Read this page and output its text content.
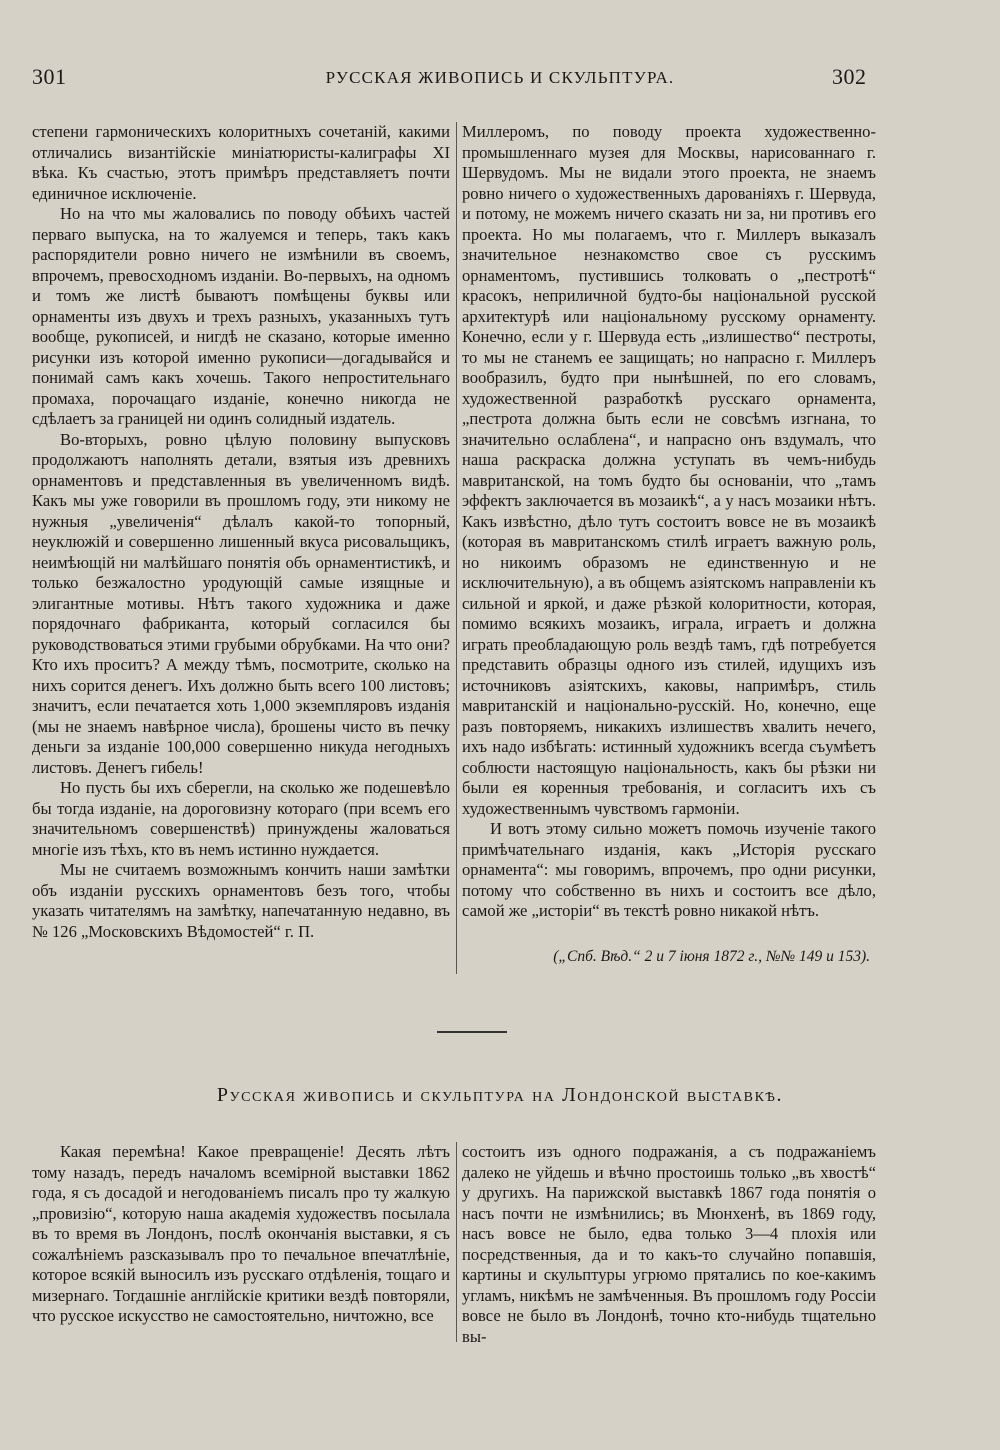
301	РУССКАЯ ЖИВОПИСЬ И СКУЛЬПТУРА.	302

степени гармоническихъ колоритныхъ сочетаній, какими отличались византійскіе миніатюристы-калиграфы XI вѣка. Къ счастью, этотъ примѣръ представляетъ почти единичное исключеніе.

Но на что мы жаловались по поводу обѣихъ частей перваго выпуска, на то жалуемся и теперь, такъ какъ распорядители ровно ничего не измѣнили въ своемъ, впрочемъ, превосходномъ изданіи. Во-первыхъ, на одномъ и томъ же листѣ бываютъ помѣщены буквы или орнаменты изъ двухъ и трехъ разныхъ, указанныхъ тутъ вообще, рукописей, и нигдѣ не сказано, которые именно рисунки изъ которой именно рукописи—догадывайся и понимай самъ какъ хочешь. Такого непростительнаго промаха, порочащаго изданіе, конечно никогда не сдѣлаетъ за границей ни одинъ солидный издатель.

Во-вторыхъ, ровно цѣлую половину выпусковъ продолжаютъ наполнять детали, взятыя изъ древнихъ орнаментовъ и представленныя въ увеличенномъ видѣ. Какъ мы уже говорили въ прошломъ году, эти никому не нужныя „увеличенія“ дѣлалъ какой-то топорный, неуклюжій и совершенно лишенный вкуса рисовальщикъ, неимѣющій ни малѣйшаго понятія объ орнаментистикѣ, и только безжалостно уродующій самые изящные и элигантные мотивы. Нѣтъ такого художника и даже порядочнаго фабриканта, который согласился бы руководствоваться этими грубыми обрубками. На что они? Кто ихъ проситъ? А между тѣмъ, посмотрите, сколько на нихъ сорится денегъ. Ихъ должно быть всего 100 листовъ; значитъ, если печатается хоть 1,000 экземпляровъ изданія (мы не знаемъ навѣрное числа), брошены чисто въ печку деньги за изданіе 100,000 совершенно никуда негодныхъ листовъ. Денегъ гибель!

Но пусть бы ихъ сберегли, на сколько же подешевѣло бы тогда изданіе, на дороговизну котораго (при всемъ его значительномъ совершенствѣ) принуждены жаловаться многіе изъ тѣхъ, кто въ немъ истинно нуждается.

Мы не считаемъ возможнымъ кончить наши замѣтки объ изданіи русскихъ орнаментовъ безъ того, чтобы указать читателямъ на замѣтку, напечатанную недавно, въ № 126 „Московскихъ Вѣдомостей“ г. П.

Миллеромъ, по поводу проекта художественно-промышленнаго музея для Москвы, нарисованнаго г. Шервудомъ. Мы не видали этого проекта, не знаемъ ровно ничего о художественныхъ дарованіяхъ г. Шервуда, и потому, не можемъ ничего сказать ни за, ни противъ его проекта. Но мы полагаемъ, что г. Миллеръ выказалъ значительное незнакомство свое съ русскимъ орнаментомъ, пустившись толковать о „пестротѣ“ красокъ, неприличной будто-бы національной русской архитектурѣ или національному русскому орнаменту. Конечно, если у г. Шервуда есть „излишество“ пестроты, то мы не станемъ ее защищать; но напрасно г. Миллеръ вообразилъ, будто при нынѣшней, по его словамъ, художественной разработкѣ русскаго орнамента, „пестрота должна быть если не совсѣмъ изгнана, то значительно ослаблена“, и напрасно онъ вздумалъ, что наша раскраска должна уступать въ чемъ-нибудь мавританской, на томъ будто бы основаніи, что „тамъ эффектъ заключается въ мозаикѣ“, а у насъ мозаики нѣтъ. Какъ извѣстно, дѣло тутъ состоитъ вовсе не въ мозаикѣ (которая въ мавританскомъ стилѣ играетъ важную роль, но никоимъ образомъ не единственную и не исключительную), а въ общемъ азіятскомъ направленіи къ сильной и яркой, и даже рѣзкой колоритности, которая, помимо всякихъ мозаикъ, играла, играетъ и должна играть преобладающую роль вездѣ тамъ, гдѣ потребуется представить образцы одного изъ стилей, идущихъ изъ источниковъ азіятскихъ, каковы, напримѣръ, стиль мавританскій и національно-русскій. Но, конечно, еще разъ повторяемъ, никакихъ излишествъ хвалить нечего, ихъ надо избѣгать: истинный художникъ всегда съумѣетъ соблюсти настоящую національность, какъ бы рѣзки ни были ея коренныя требованія, и согласитъ ихъ съ художественнымъ чувствомъ гармоніи.

И вотъ этому сильно можетъ помочь изученіе такого примѣчательнаго изданія, какъ „Исторія русскаго орнамента“: мы говоримъ, впрочемъ, про одни рисунки, потому что собственно въ нихъ и состоитъ все дѣло, самой же „исторіи“ въ текстѣ ровно никакой нѣтъ.

(„Спб. Вѣд.“ 2 и 7 іюня 1872 г., №№ 149 и 153).
Русская живопись и скульптура на Лондонской выставкѣ.

Какая перемѣна! Какое превращеніе! Десять лѣтъ тому назадъ, передъ началомъ всемірной выставки 1862 года, я съ досадой и негодованіемъ писалъ про ту жалкую „провизію“, которую наша академія художествъ посылала въ то время въ Лондонъ, послѣ окончанія выставки, я съ сожалѣніемъ разсказывалъ про то печальное впечатлѣніе, которое всякій выносилъ изъ русскаго отдѣленія, тощаго и мизернаго. Тогдашніе англійскіе критики вездѣ повторяли, что русское искусство не самостоятельно, ничтожно, все

состоитъ изъ одного подражанія, а съ подражаніемъ далеко не уйдешь и вѣчно простоишь только „въ хвостѣ“ у другихъ. На парижской выставкѣ 1867 года понятія о насъ почти не измѣнились; въ Мюнхенѣ, въ 1869 году, насъ вовсе не было, едва только 3—4 плохія или посредственныя, да и то какъ-то случайно попавшія, картины и скульптуры угрюмо прятались по кое-какимъ угламъ, никѣмъ не замѣченныя. Въ прошломъ году Россіи вовсе не было въ Лондонѣ, точно кто-нибудь тщательно вы-
